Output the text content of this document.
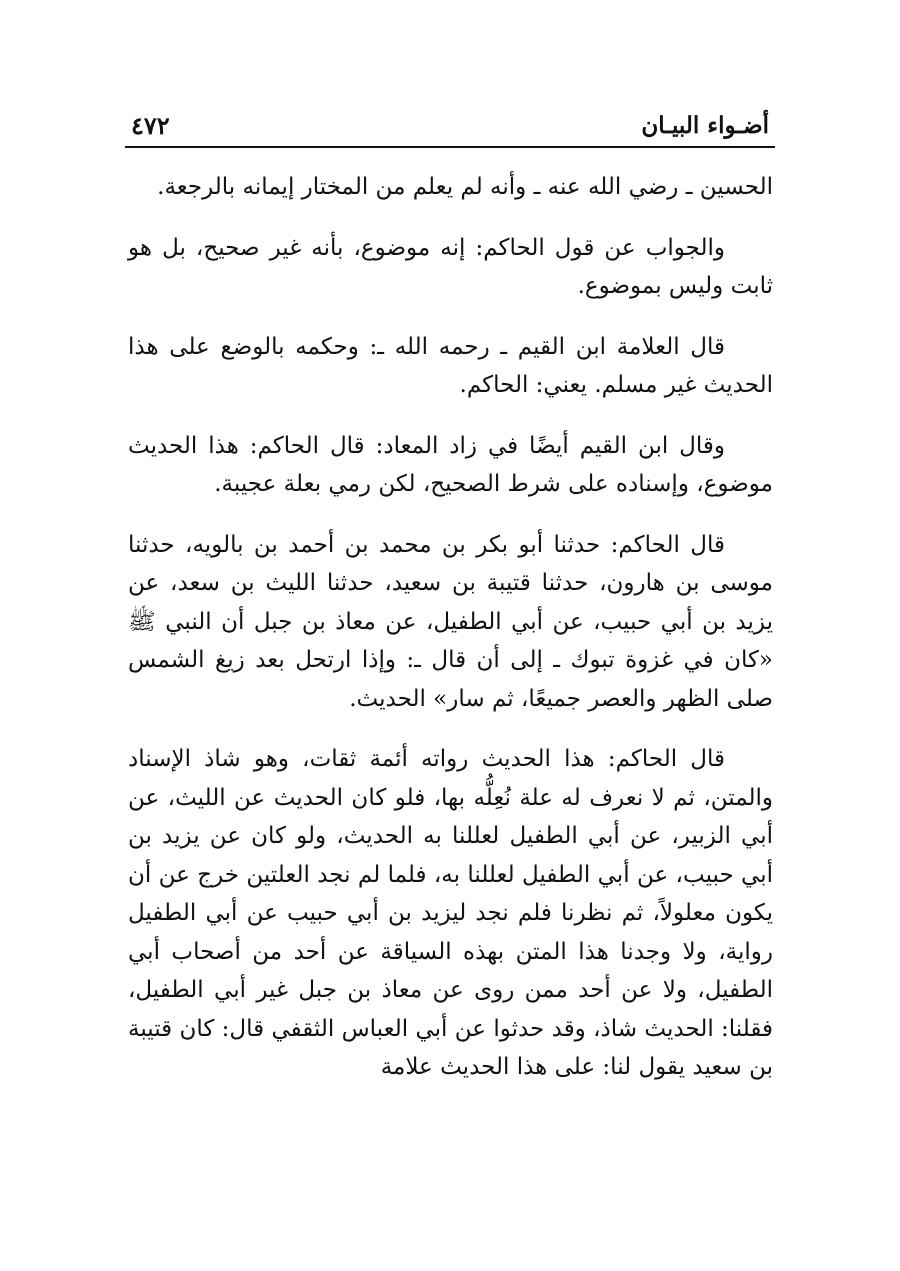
٤٧٢	أضـواء البيـان

الحسين ـ رضي الله عنه ـ وأنه لم يعلم من المختار إيمانه بالرجعة.

والجواب عن قول الحاكم: إنه موضوع، بأنه غير صحيح، بل هو ثابت وليس بموضوع.

قال العلامة ابن القيم ـ رحمه الله ـ: وحكمه بالوضع على هذا الحديث غير مسلم. يعني: الحاكم.

وقال ابن القيم أيضًا في زاد المعاد: قال الحاكم: هذا الحديث موضوع، وإسناده على شرط الصحيح، لكن رمي بعلة عجيبة.

قال الحاكم: حدثنا أبو بكر بن محمد بن أحمد بن بالويه، حدثنا موسى بن هارون، حدثنا قتيبة بن سعيد، حدثنا الليث بن سعد، عن يزيد بن أبي حبيب، عن أبي الطفيل، عن معاذ بن جبل أن النبي ﷺ «كان في غزوة تبوك ـ إلى أن قال ـ: وإذا ارتحل بعد زيغ الشمس صلى الظهر والعصر جميعًا، ثم سار» الحديث.

قال الحاكم: هذا الحديث رواته أئمة ثقات، وهو شاذ الإسناد والمتن، ثم لا نعرف له علة نُعِلُّه بها، فلو كان الحديث عن الليث، عن أبي الزبير، عن أبي الطفيل لعللنا به الحديث، ولو كان عن يزيد بن أبي حبيب، عن أبي الطفيل لعللنا به، فلما لم نجد العلتين خرج عن أن يكون معلولاً، ثم نظرنا فلم نجد ليزيد بن أبي حبيب عن أبي الطفيل رواية، ولا وجدنا هذا المتن بهذه السياقة عن أحد من أصحاب أبي الطفيل، ولا عن أحد ممن روى عن معاذ بن جبل غير أبي الطفيل، فقلنا: الحديث شاذ، وقد حدثوا عن أبي العباس الثقفي قال: كان قتيبة بن سعيد يقول لنا: على هذا الحديث علامة
